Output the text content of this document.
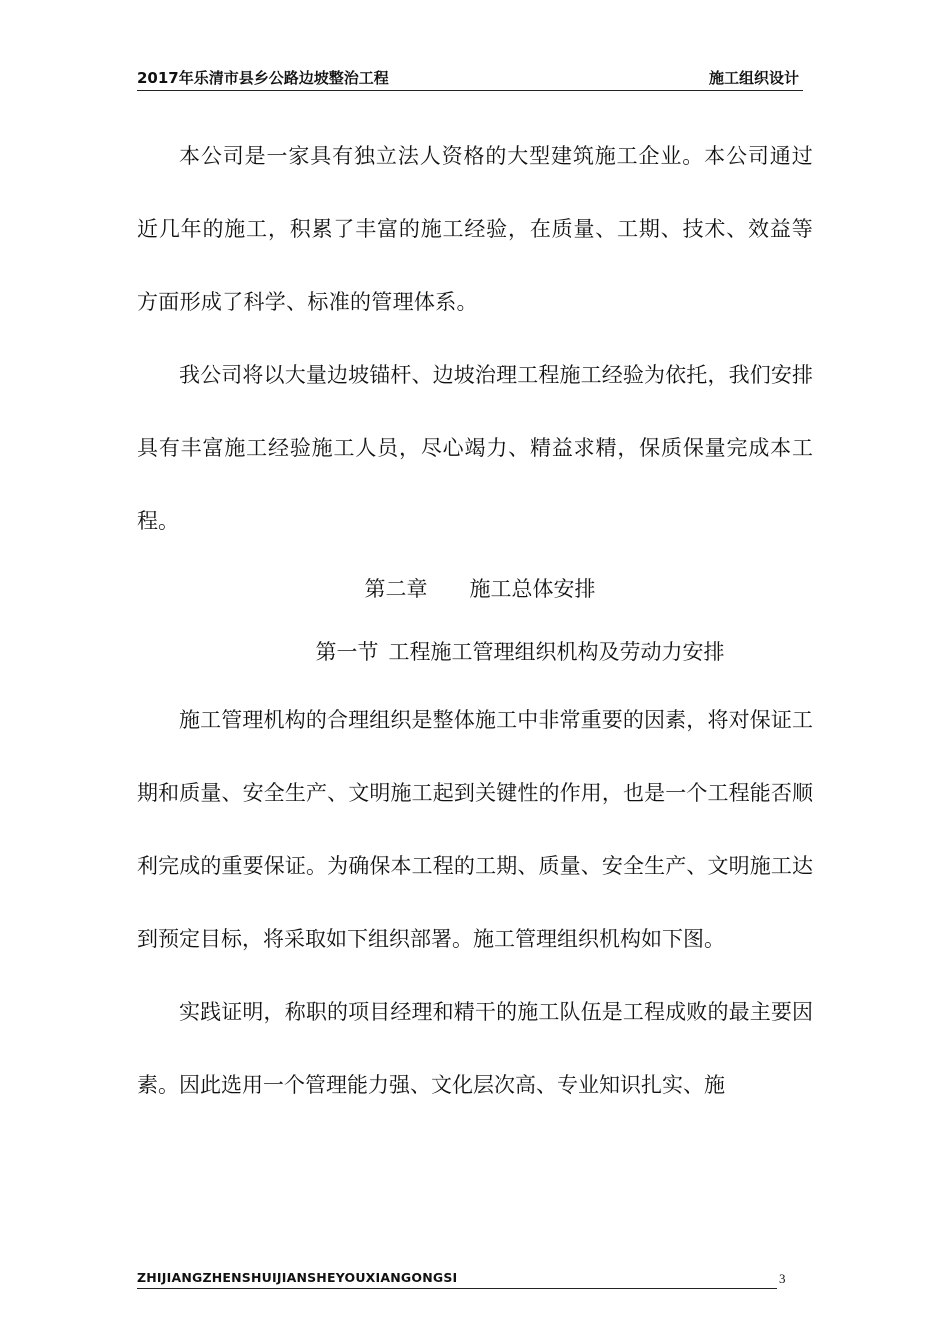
2017年乐清市县乡公路边坡整治工程	施工组织设计

本公司是一家具有独立法人资格的大型建筑施工企业。本公司通过近几年的施工，积累了丰富的施工经验，在质量、工期、技术、效益等方面形成了科学、标准的管理体系。

我公司将以大量边坡锚杆、边坡治理工程施工经验为依托，我们安排具有丰富施工经验施工人员，尽心竭力、精益求精，保质保量完成本工程。

第二章 施工总体安排

第一节 工程施工管理组织机构及劳动力安排

施工管理机构的合理组织是整体施工中非常重要的因素，将对保证工期和质量、安全生产、文明施工起到关键性的作用，也是一个工程能否顺利完成的重要保证。为确保本工程的工期、质量、安全生产、文明施工达到预定目标，将采取如下组织部署。施工管理组织机构如下图。

实践证明，称职的项目经理和精干的施工队伍是工程成败的最主要因素。因此选用一个管理能力强、文化层次高、专业知识扎实、施

ZHIJIANGZHENSHUIJIANSHEYOUXIANGONGSI	3
